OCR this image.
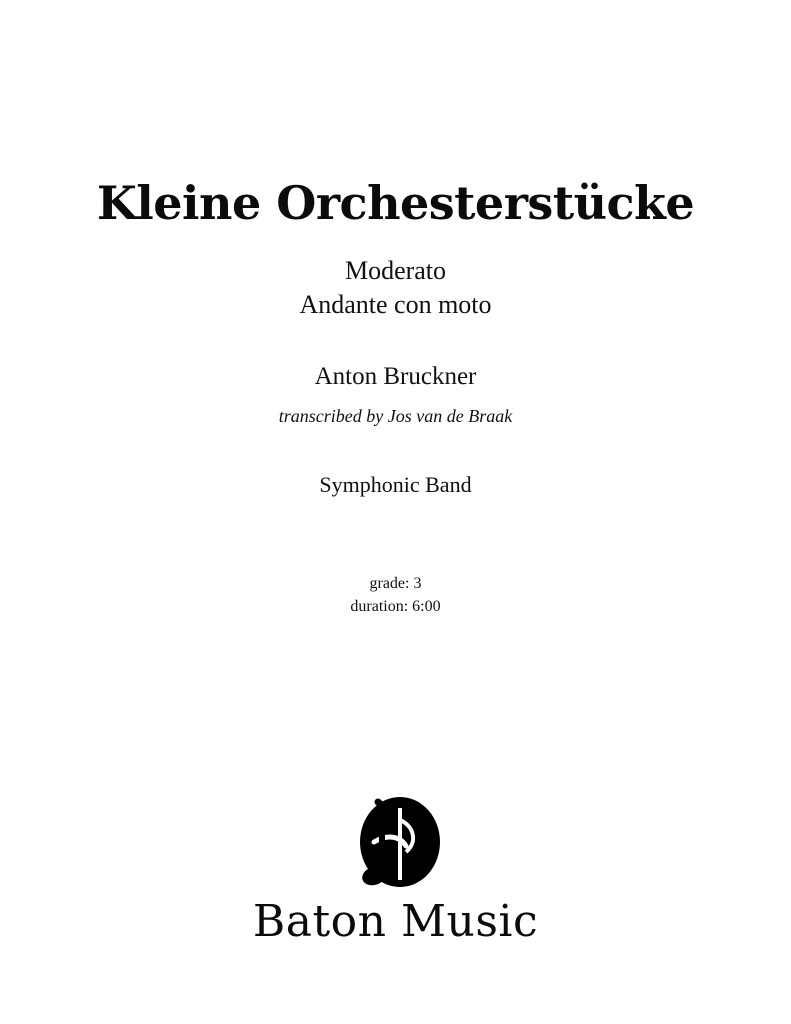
Kleine Orchesterstücke
Moderato
Andante con moto
Anton Bruckner
transcribed by Jos van de Braak
Symphonic Band
grade: 3
duration: 6:00
Baton Music
